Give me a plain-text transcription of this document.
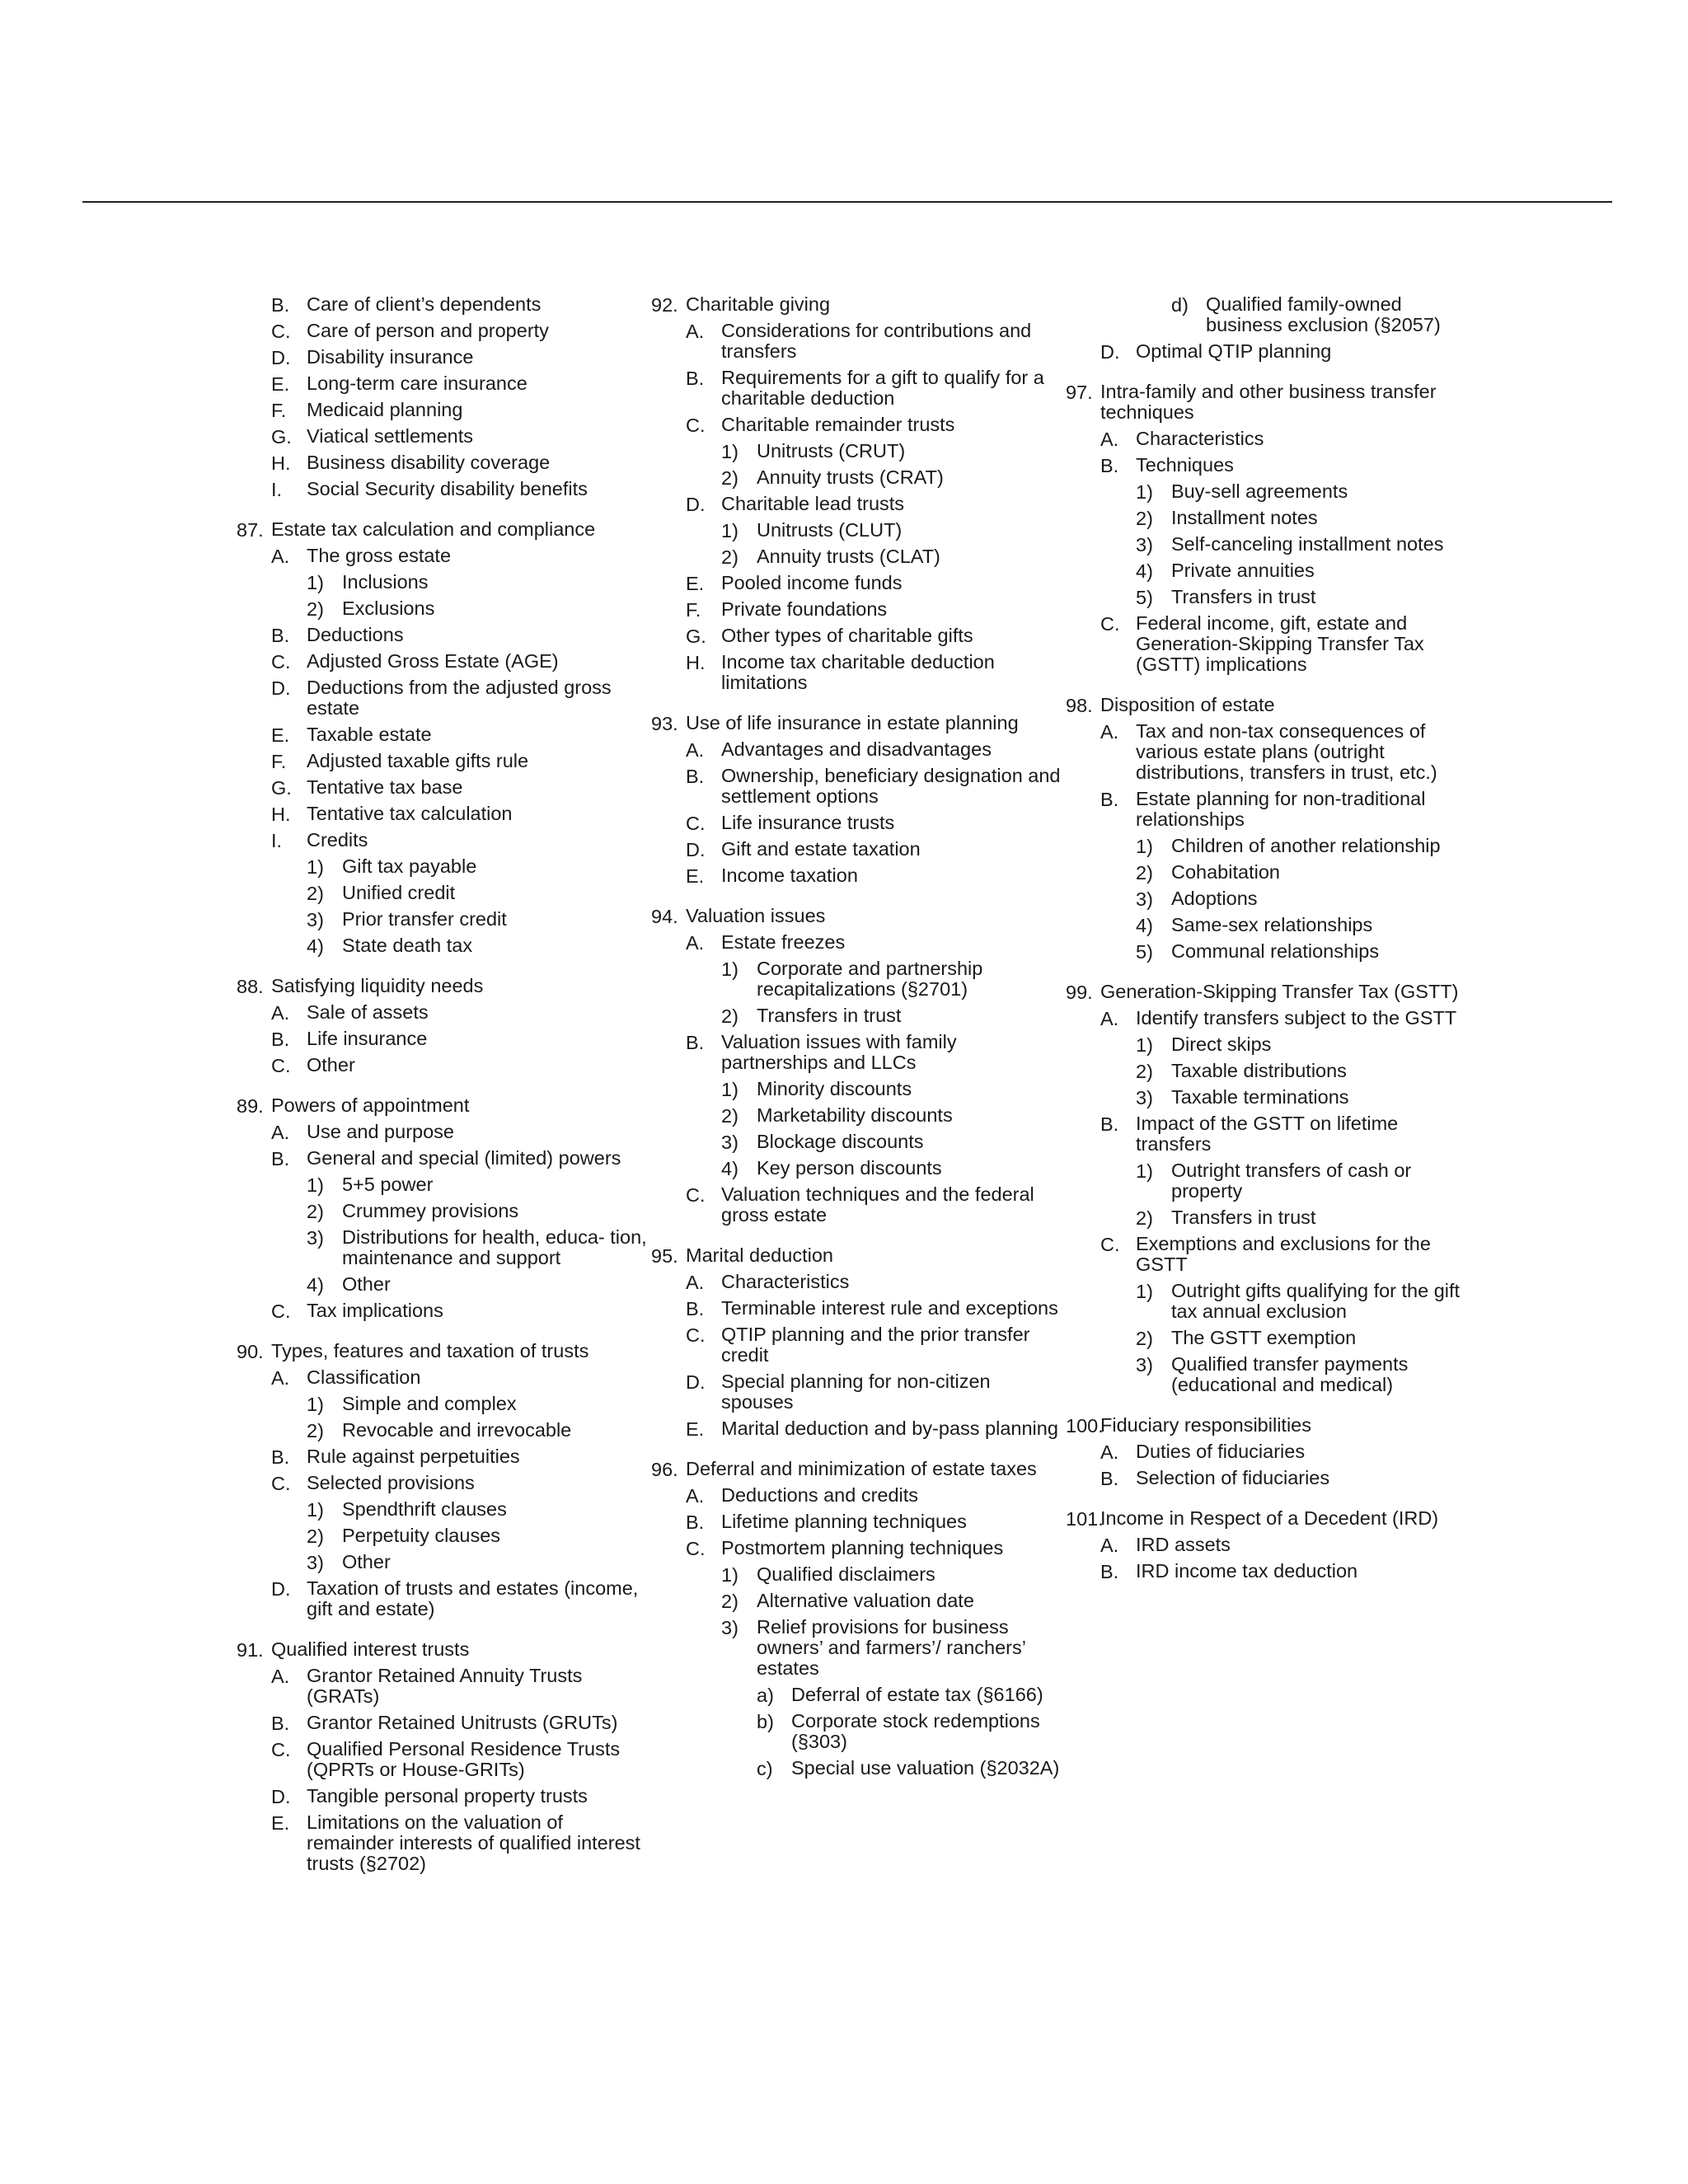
B. Care of client’s dependents
C. Care of person and property
D. Disability insurance
E. Long-term care insurance
F. Medicaid planning
G. Viatical settlements
H. Business disability coverage
I. Social Security disability benefits
87. Estate tax calculation and compliance
A. The gross estate
1) Inclusions
2) Exclusions
B. Deductions
C. Adjusted Gross Estate (AGE)
D. Deductions from the adjusted gross estate
E. Taxable estate
F. Adjusted taxable gifts rule
G. Tentative tax base
H. Tentative tax calculation
I. Credits
1) Gift tax payable
2) Unified credit
3) Prior transfer credit
4) State death tax
88. Satisfying liquidity needs
A. Sale of assets
B. Life insurance
C. Other
89. Powers of appointment
A. Use and purpose
B. General and special (limited) powers
1) 5+5 power
2) Crummey provisions
3) Distributions for health, educa- tion, maintenance and support
4) Other
C. Tax implications
90. Types, features and taxation of trusts
A. Classification
1) Simple and complex
2) Revocable and irrevocable
B. Rule against perpetuities
C. Selected provisions
1) Spendthrift clauses
2) Perpetuity clauses
3) Other
D. Taxation of trusts and estates (income, gift and estate)
91. Qualified interest trusts
A. Grantor Retained Annuity Trusts (GRATs)
B. Grantor Retained Unitrusts (GRUTs)
C. Qualified Personal Residence Trusts (QPRTs or House-GRITs)
D. Tangible personal property trusts
E. Limitations on the valuation of remainder interests of qualified interest trusts (§2702)
92. Charitable giving
A. Considerations for contributions and transfers
B. Requirements for a gift to qualify for a charitable deduction
C. Charitable remainder trusts
1) Unitrusts (CRUT)
2) Annuity trusts (CRAT)
D. Charitable lead trusts
1) Unitrusts (CLUT)
2) Annuity trusts (CLAT)
E. Pooled income funds
F. Private foundations
G. Other types of charitable gifts
H. Income tax charitable deduction limitations
93. Use of life insurance in estate planning
A. Advantages and disadvantages
B. Ownership, beneficiary designation and settlement options
C. Life insurance trusts
D. Gift and estate taxation
E. Income taxation
94. Valuation issues
A. Estate freezes
1) Corporate and partnership recapitalizations (§2701)
2) Transfers in trust
B. Valuation issues with family partnerships and LLCs
1) Minority discounts
2) Marketability discounts
3) Blockage discounts
4) Key person discounts
C. Valuation techniques and the federal gross estate
95. Marital deduction
A. Characteristics
B. Terminable interest rule and exceptions
C. QTIP planning and the prior transfer credit
D. Special planning for non-citizen spouses
E. Marital deduction and by-pass planning
96. Deferral and minimization of estate taxes
A. Deductions and credits
B. Lifetime planning techniques
C. Postmortem planning techniques
1) Qualified disclaimers
2) Alternative valuation date
3) Relief provisions for business owners’ and farmers’/ ranchers’ estates
a) Deferral of estate tax (§6166)
b) Corporate stock redemptions (§303)
c) Special use valuation (§2032A)
d) Qualified family-owned business exclusion (§2057)
D. Optimal QTIP planning
97. Intra-family and other business transfer techniques
A. Characteristics
B. Techniques
1) Buy-sell agreements
2) Installment notes
3) Self-canceling installment notes
4) Private annuities
5) Transfers in trust
C. Federal income, gift, estate and Generation-Skipping Transfer Tax (GSTT) implications
98. Disposition of estate
A. Tax and non-tax consequences of various estate plans (outright distributions, transfers in trust, etc.)
B. Estate planning for non-traditional relationships
1) Children of another relationship
2) Cohabitation
3) Adoptions
4) Same-sex relationships
5) Communal relationships
99. Generation-Skipping Transfer Tax (GSTT)
A. Identify transfers subject to the GSTT
1) Direct skips
2) Taxable distributions
3) Taxable terminations
B. Impact of the GSTT on lifetime transfers
1) Outright transfers of cash or property
2) Transfers in trust
C. Exemptions and exclusions for the GSTT
1) Outright gifts qualifying for the gift tax annual exclusion
2) The GSTT exemption
3) Qualified transfer payments (educational and medical)
100.
Fiduciary responsibilities
A. Duties of fiduciaries
B. Selection of fiduciaries
101.
Income in Respect of a Decedent (IRD)
A. IRD assets
B. IRD income tax deduction
